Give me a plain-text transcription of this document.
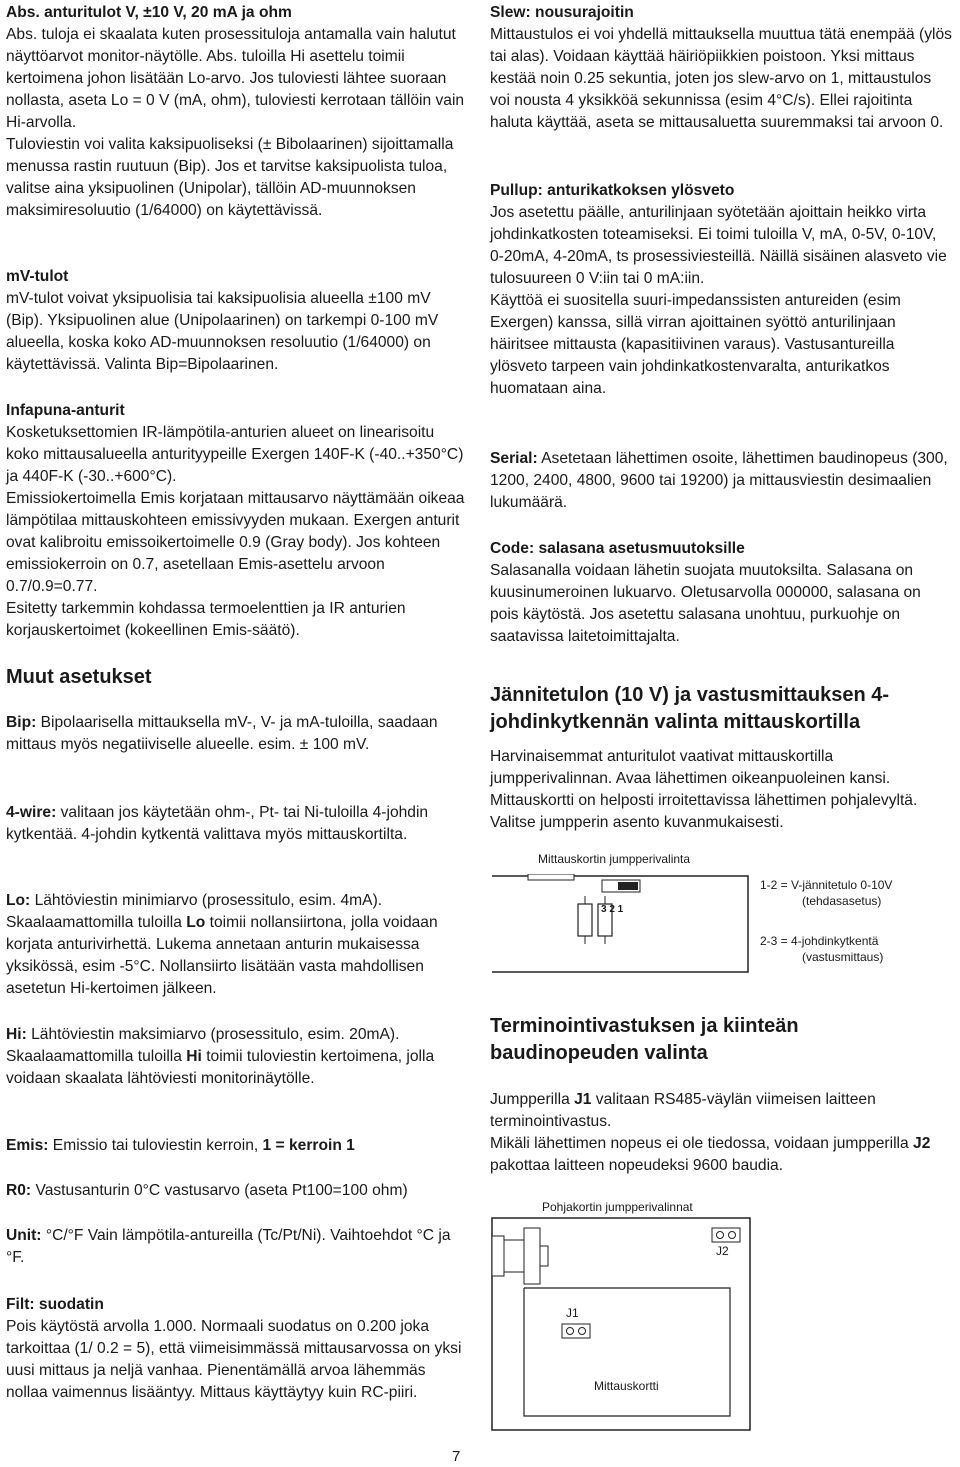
Abs. anturitulot V, ±10 V, 20 mA ja ohm

Abs. tuloja ei skaalata kuten prosessituloja antamalla vain halutut näyttöarvot monitor-näytölle. Abs. tuloilla Hi asettelu toimii kertoimena johon lisätään Lo-arvo. Jos tuloviesti lähtee suoraan nollasta, aseta Lo = 0 V (mA, ohm), tuloviesti kerrotaan tällöin vain Hi-arvolla.

Tuloviestin voi valita kaksipuoliseksi (± Bibolaarinen) sijoittamalla menussa rastin ruutuun (Bip). Jos et tarvitse kaksipuolista tuloa, valitse aina yksipuolinen (Unipolar), tällöin AD-muunnoksen maksimiresoluutio (1/64000) on käytettävissä.

mV-tulot

mV-tulot voivat yksipuolisia tai kaksipuolisia alueella ±100 mV (Bip). Yksipuolinen alue (Unipolaarinen) on tarkempi 0-100 mV alueella, koska koko AD-muunnoksen resoluutio (1/64000) on käytettävissä. Valinta Bip=Bipolaarinen.

Infapuna-anturit

Kosketuksettomien IR-lämpötila-anturien alueet on linearisoitu koko mittausalueella anturityypeille Exergen 140F-K (-40..+350°C) ja 440F-K (-30..+600°C).

Emissiokertoimella Emis korjataan mittausarvo näyttämään oikeaa lämpötilaa mittauskohteen emissivyyden mukaan. Exergen anturit ovat kalibroitu emissoikertoimelle 0.9 (Gray body). Jos kohteen emissiokerroin on 0.7, asetellaan Emis-asettelu arvoon 0.7/0.9=0.77.

Esitetty tarkemmin kohdassa termoelenttien ja IR anturien korjauskertoimet (kokeellinen Emis-säätö).

Muut asetukset

Bip: Bipolaarisella mittauksella mV-, V- ja mA-tuloilla, saadaan mittaus myös negatiiviselle alueelle. esim. ± 100 mV.

4-wire: valitaan jos käytetään ohm-, Pt- tai Ni-tuloilla 4-johdin kytkentää. 4-johdin kytkentä valittava myös mittauskortilta.

Lo: Lähtöviestin minimiarvo (prosessitulo, esim. 4mA). Skaalaamattomilla tuloilla Lo toimii nollansiirtona, jolla voidaan korjata anturivirhettä. Lukema annetaan anturin mukaisessa yksikössä, esim -5°C. Nollansiirto lisätään vasta mahdollisen asetetun Hi-kertoimen jälkeen.

Hi: Lähtöviestin maksimiarvo (prosessitulo, esim. 20mA). Skaalaamattomilla tuloilla Hi toimii tuloviestin kertoimena, jolla voidaan skaalata lähtöviesti monitorinäytölle.

Emis: Emissio tai tuloviestin kerroin, 1 = kerroin 1

R0: Vastusanturin 0°C vastusarvo (aseta Pt100=100 ohm)

Unit: °C/°F Vain lämpötila-antureilla (Tc/Pt/Ni). Vaihtoehdot °C ja °F.

Filt: suodatin

Pois käytöstä arvolla 1.000. Normaali suodatus on 0.200 joka tarkoittaa (1/ 0.2 = 5), että viimeisimmässä mittausarvossa on yksi uusi mittaus ja neljä vanhaa. Pienentämällä arvoa lähemmäs nollaa vaimennus lisääntyy. Mittaus käyttäytyy kuin RC-piiri.

Slew: nousurajoitin

Mittaustulos ei voi yhdellä mittauksella muuttua tätä enempää (ylös tai alas). Voidaan käyttää häiriöpiikkien poistoon. Yksi mittaus kestää noin 0.25 sekuntia, joten jos slew-arvo on 1, mittaustulos voi nousta 4 yksikköä sekunnissa (esim 4°C/s). Ellei rajoitinta haluta käyttää, aseta se mittausaluetta suuremmaksi tai arvoon 0.

Pullup: anturikatkoksen ylösveto

Jos asetettu päälle, anturilinjaan syötetään ajoittain heikko virta johdinkatkosten toteamiseksi. Ei toimi tuloilla V, mA, 0-5V, 0-10V, 0-20mA, 4-20mA, ts prosessiviesteillä. Näillä sisäinen alasveto vie tulosuureen 0 V:iin tai 0 mA:iin.

Käyttöä ei suositella suuri-impedanssisten antureiden (esim Exergen) kanssa, sillä virran ajoittainen syöttö anturilinjaan häiritsee mittausta (kapasitiivinen varaus). Vastusantureilla ylösveto tarpeen vain johdinkatkostenvaralta, anturikatkos huomataan aina.

Serial: Asetetaan lähettimen osoite, lähettimen baudinopeus (300, 1200, 2400, 4800, 9600 tai 19200) ja mittausviestin desimaalien lukumäärä.

Code: salasana asetusmuutoksille

Salasanalla voidaan lähetin suojata muutoksilta. Salasana on kuusinumeroinen lukuarvo. Oletusarvolla 000000, salasana on pois käytöstä. Jos asetettu salasana unohtuu, purkuohje on saatavissa laitetoimittajalta.

Jännitetulon (10 V) ja vastusmittauksen 4-johdinkytkennän valinta mittauskortilla

Harvinaisemmat anturitulot vaativat mittauskortilla jumpperivalinnan. Avaa lähettimen oikeanpuoleinen kansi. Mittauskortti on helposti irroitettavissa lähettimen pohjalevyltä. Valitse jumpperin asento kuvanmukaisesti.

Mittauskortin jumpperivalinta
3 2 1
1-2 = V-jännitetulo 0-10V
(tehdasasetus)
2-3 = 4-johdinkytkentä
(vastusmittaus)

Terminointivastuksen ja kiinteän baudinopeuden valinta

Jumpperilla J1 valitaan RS485-väylän viimeisen laitteen terminointivastus.

Mikäli lähettimen nopeus ei ole tiedossa, voidaan jumpperilla J2 pakottaa laitteen nopeudeksi 9600 baudia.

Pohjakortin jumpperivalinnat
J2
J1
Mittauskortti
7
